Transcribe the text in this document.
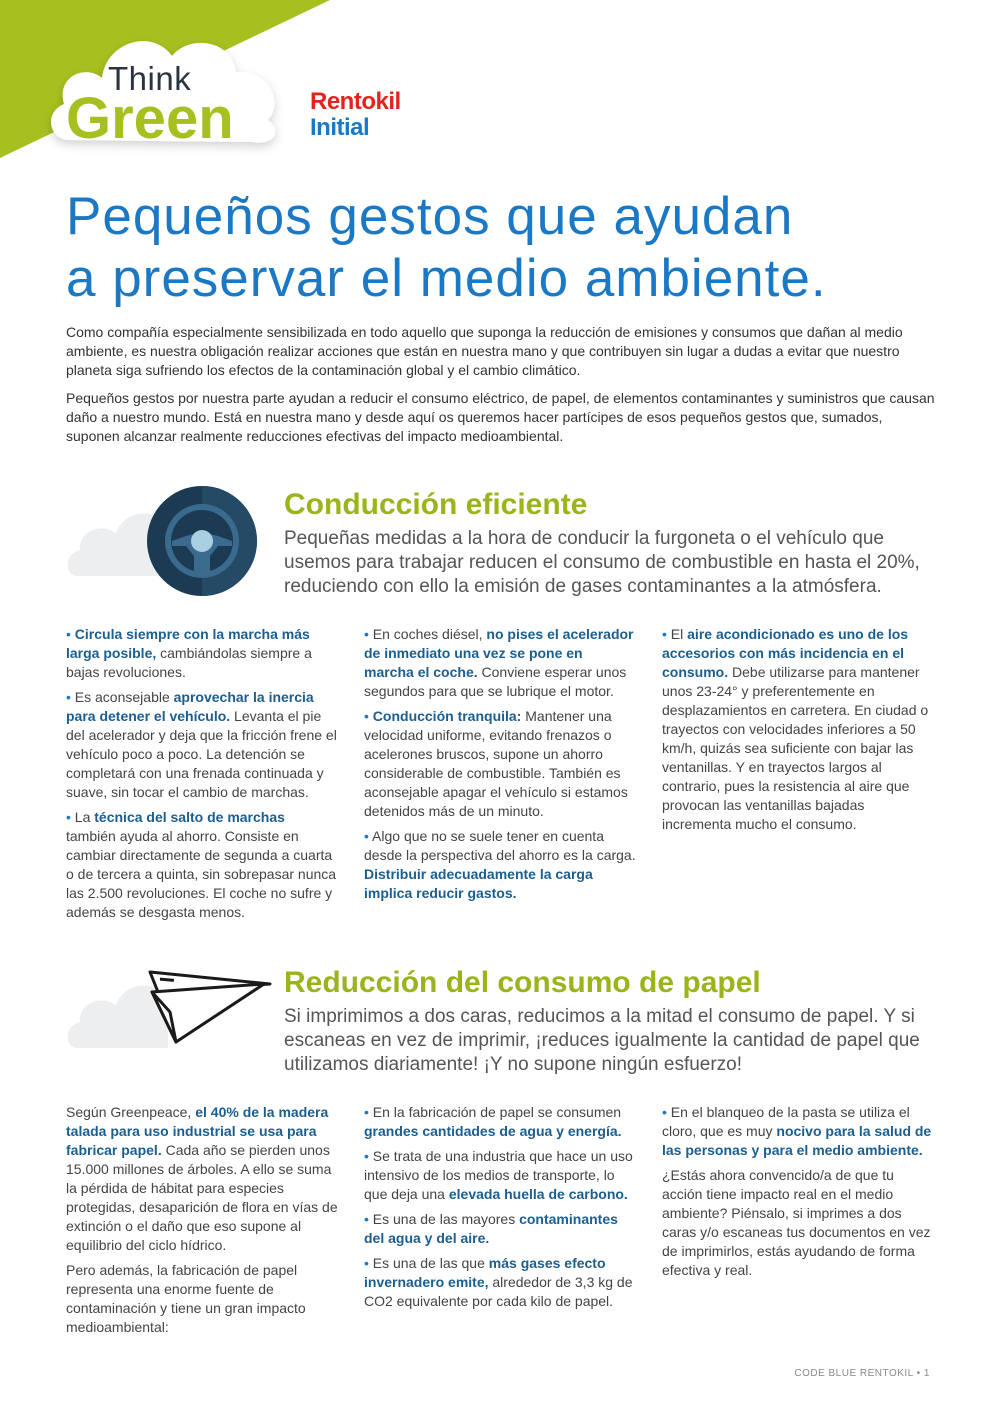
Think
Green	Rentokil
Initial
Pequeños gestos que ayudan
a preservar el medio ambiente.

Como compañía especialmente sensibilizada en todo aquello que suponga la reducción de emisiones y consumos que dañan al medio ambiente, es nuestra obligación realizar acciones que están en nuestra mano y que contribuyen sin lugar a dudas a evitar que nuestro planeta siga sufriendo los efectos de la contaminación global y el cambio climático.

Pequeños gestos por nuestra parte ayudan a reducir el consumo eléctrico, de papel, de elementos contaminantes y suministros que causan daño a nuestro mundo. Está en nuestra mano y desde aquí os queremos hacer partícipes de esos pequeños gestos que, sumados, suponen alcanzar realmente reducciones efectivas del impacto medioambiental.

Conducción eficiente

Pequeñas medidas a la hora de conducir la furgoneta o el vehículo que usemos para trabajar reducen el consumo de combustible en hasta el 20%, reduciendo con ello la emisión de gases contaminantes a la atmósfera.

• Circula siempre con la marcha más larga posible, cambiándolas siempre a bajas revoluciones.

• Es aconsejable aprovechar la inercia para detener el vehículo. Levanta el pie del acelerador y deja que la fricción frene el vehículo poco a poco. La detención se completará con una frenada continuada y suave, sin tocar el cambio de marchas.

• La técnica del salto de marchas también ayuda al ahorro. Consiste en cambiar directamente de segunda a cuarta o de tercera a quinta, sin sobrepasar nunca las 2.500 revoluciones. El coche no sufre y además se desgasta menos.

• En coches diésel, no pises el acelerador de inmediato una vez se pone en marcha el coche. Conviene esperar unos segundos para que se lubrique el motor.

• Conducción tranquila: Mantener una velocidad uniforme, evitando frenazos o acelerones bruscos, supone un ahorro considerable de combustible. También es aconsejable apagar el vehículo si estamos detenidos más de un minuto.

• Algo que no se suele tener en cuenta desde la perspectiva del ahorro es la carga. Distribuir adecuadamente la carga implica reducir gastos.

• El aire acondicionado es uno de los accesorios con más incidencia en el consumo. Debe utilizarse para mantener unos 23-24° y preferentemente en desplazamientos en carretera. En ciudad o trayectos con velocidades inferiores a 50 km/h, quizás sea suficiente con bajar las ventanillas. Y en trayectos largos al contrario, pues la resistencia al aire que provocan las ventanillas bajadas incrementa mucho el consumo.

Reducción del consumo de papel

Si imprimimos a dos caras, reducimos a la mitad el consumo de papel. Y si escaneas en vez de imprimir, ¡reduces igualmente la cantidad de papel que utilizamos diariamente! ¡Y no supone ningún esfuerzo!

Según Greenpeace, el 40% de la madera talada para uso industrial se usa para fabricar papel. Cada año se pierden unos 15.000 millones de árboles. A ello se suma la pérdida de hábitat para especies protegidas, desaparición de flora en vías de extinción o el daño que eso supone al equilibrio del ciclo hídrico.

Pero además, la fabricación de papel representa una enorme fuente de contaminación y tiene un gran impacto medioambiental:

• En la fabricación de papel se consumen grandes cantidades de agua y energía.

• Se trata de una industria que hace un uso intensivo de los medios de transporte, lo que deja una elevada huella de carbono.

• Es una de las mayores contaminantes del agua y del aire.

• Es una de las que más gases efecto invernadero emite, alrededor de 3,3 kg de CO2 equivalente por cada kilo de papel.

• En el blanqueo de la pasta se utiliza el cloro, que es muy nocivo para la salud de las personas y para el medio ambiente.

¿Estás ahora convencido/a de que tu acción tiene impacto real en el medio ambiente? Piénsalo, si imprimes a dos caras y/o escaneas tus documentos en vez de imprimirlos, estás ayudando de forma efectiva y real.

CODE BLUE RENTOKIL • 1
